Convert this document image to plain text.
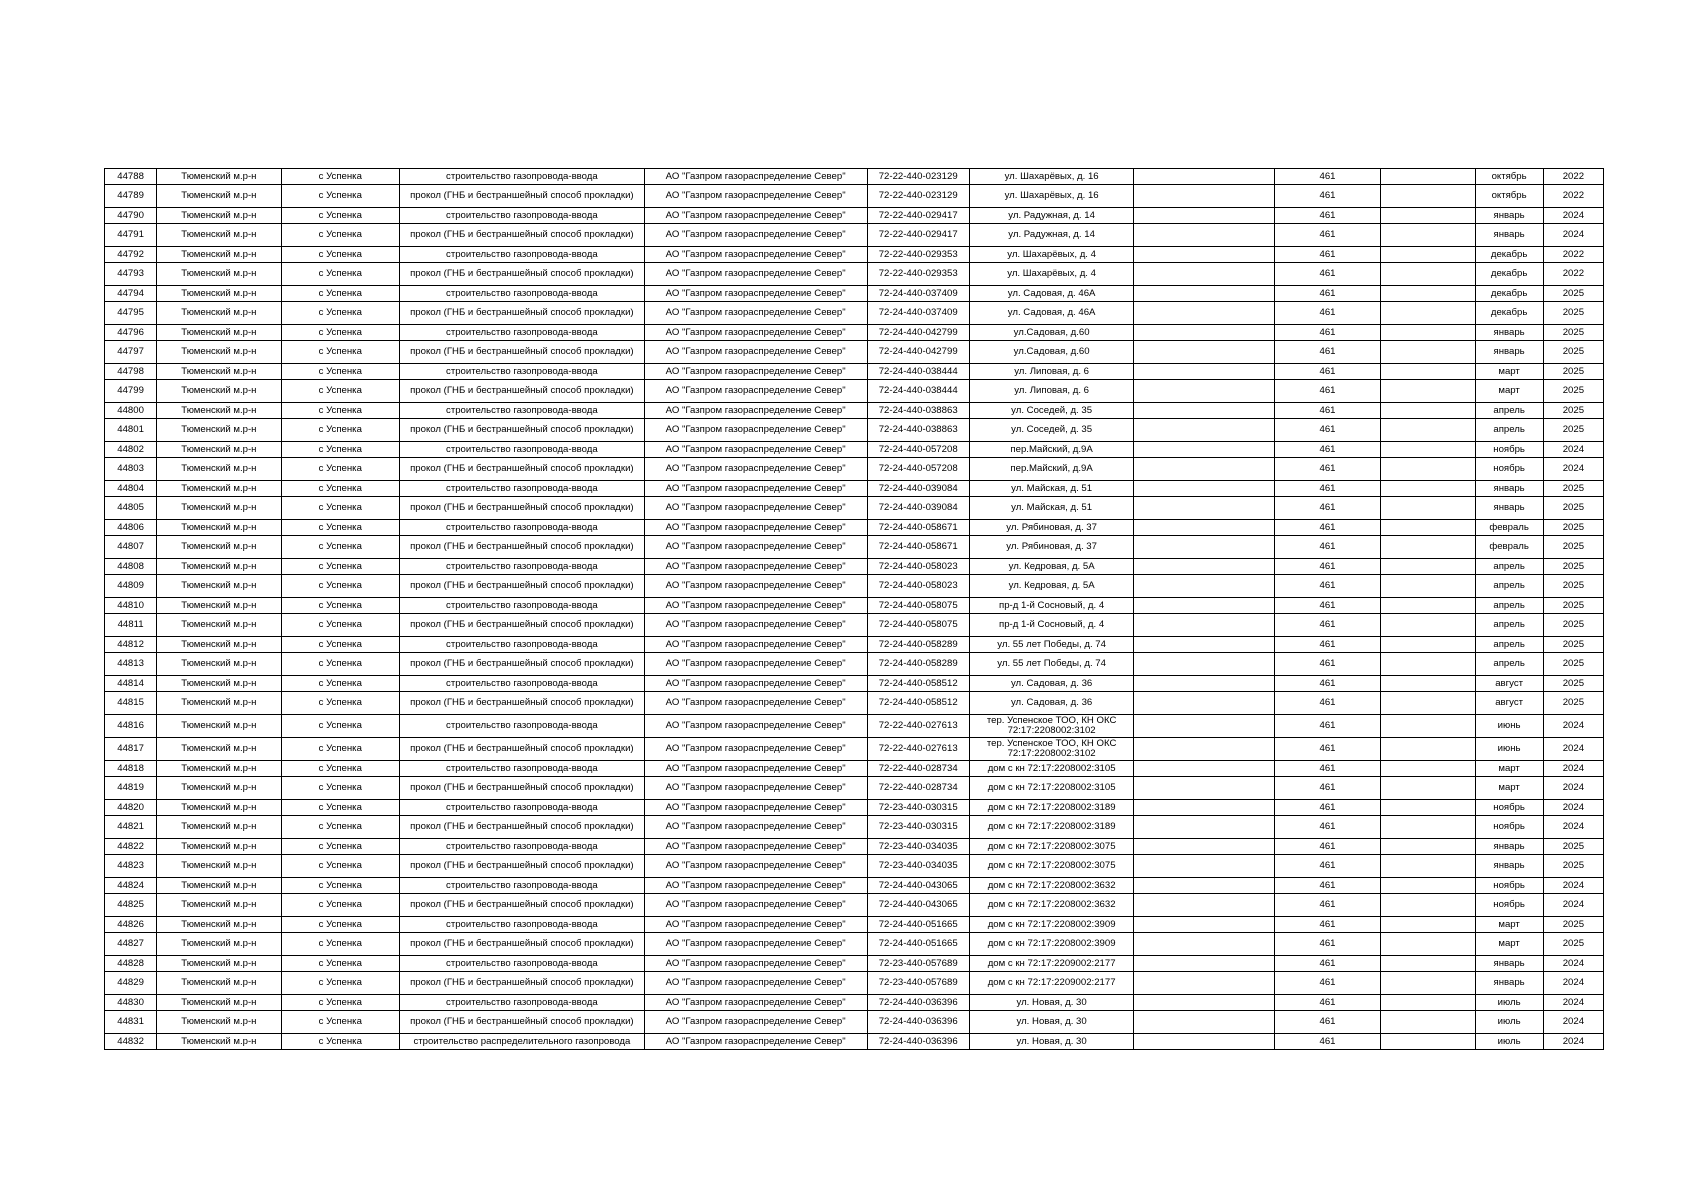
44788	Тюменский м.р-н	с Успенка	строительство газопровода-ввода	АО "Газпром газораспределение Север"	72-22-440-023129	ул. Шахарёвых, д. 16		461		октябрь	2022
44789	Тюменский м.р-н	с Успенка	прокол (ГНБ и бестраншейный способ прокладки)	АО "Газпром газораспределение Север"	72-22-440-023129	ул. Шахарёвых, д. 16		461		октябрь	2022
44790	Тюменский м.р-н	с Успенка	строительство газопровода-ввода	АО "Газпром газораспределение Север"	72-22-440-029417	ул. Радужная, д. 14		461		январь	2024
44791	Тюменский м.р-н	с Успенка	прокол (ГНБ и бестраншейный способ прокладки)	АО "Газпром газораспределение Север"	72-22-440-029417	ул. Радужная, д. 14		461		январь	2024
44792	Тюменский м.р-н	с Успенка	строительство газопровода-ввода	АО "Газпром газораспределение Север"	72-22-440-029353	ул. Шахарёвых, д. 4		461		декабрь	2022
44793	Тюменский м.р-н	с Успенка	прокол (ГНБ и бестраншейный способ прокладки)	АО "Газпром газораспределение Север"	72-22-440-029353	ул. Шахарёвых, д. 4		461		декабрь	2022
44794	Тюменский м.р-н	с Успенка	строительство газопровода-ввода	АО "Газпром газораспределение Север"	72-24-440-037409	ул. Садовая, д. 46А		461		декабрь	2025
44795	Тюменский м.р-н	с Успенка	прокол (ГНБ и бестраншейный способ прокладки)	АО "Газпром газораспределение Север"	72-24-440-037409	ул. Садовая, д. 46А		461		декабрь	2025
44796	Тюменский м.р-н	с Успенка	строительство газопровода-ввода	АО "Газпром газораспределение Север"	72-24-440-042799	ул.Садовая, д.60		461		январь	2025
44797	Тюменский м.р-н	с Успенка	прокол (ГНБ и бестраншейный способ прокладки)	АО "Газпром газораспределение Север"	72-24-440-042799	ул.Садовая, д.60		461		январь	2025
44798	Тюменский м.р-н	с Успенка	строительство газопровода-ввода	АО "Газпром газораспределение Север"	72-24-440-038444	ул. Липовая, д. 6		461		март	2025
44799	Тюменский м.р-н	с Успенка	прокол (ГНБ и бестраншейный способ прокладки)	АО "Газпром газораспределение Север"	72-24-440-038444	ул. Липовая, д. 6		461		март	2025
44800	Тюменский м.р-н	с Успенка	строительство газопровода-ввода	АО "Газпром газораспределение Север"	72-24-440-038863	ул. Соседей, д. 35		461		апрель	2025
44801	Тюменский м.р-н	с Успенка	прокол (ГНБ и бестраншейный способ прокладки)	АО "Газпром газораспределение Север"	72-24-440-038863	ул. Соседей, д. 35		461		апрель	2025
44802	Тюменский м.р-н	с Успенка	строительство газопровода-ввода	АО "Газпром газораспределение Север"	72-24-440-057208	пер.Майский, д.9А		461		ноябрь	2024
44803	Тюменский м.р-н	с Успенка	прокол (ГНБ и бестраншейный способ прокладки)	АО "Газпром газораспределение Север"	72-24-440-057208	пер.Майский, д.9А		461		ноябрь	2024
44804	Тюменский м.р-н	с Успенка	строительство газопровода-ввода	АО "Газпром газораспределение Север"	72-24-440-039084	ул. Майская, д. 51		461		январь	2025
44805	Тюменский м.р-н	с Успенка	прокол (ГНБ и бестраншейный способ прокладки)	АО "Газпром газораспределение Север"	72-24-440-039084	ул. Майская, д. 51		461		январь	2025
44806	Тюменский м.р-н	с Успенка	строительство газопровода-ввода	АО "Газпром газораспределение Север"	72-24-440-058671	ул. Рябиновая, д. 37		461		февраль	2025
44807	Тюменский м.р-н	с Успенка	прокол (ГНБ и бестраншейный способ прокладки)	АО "Газпром газораспределение Север"	72-24-440-058671	ул. Рябиновая, д. 37		461		февраль	2025
44808	Тюменский м.р-н	с Успенка	строительство газопровода-ввода	АО "Газпром газораспределение Север"	72-24-440-058023	ул. Кедровая, д. 5А		461		апрель	2025
44809	Тюменский м.р-н	с Успенка	прокол (ГНБ и бестраншейный способ прокладки)	АО "Газпром газораспределение Север"	72-24-440-058023	ул. Кедровая, д. 5А		461		апрель	2025
44810	Тюменский м.р-н	с Успенка	строительство газопровода-ввода	АО "Газпром газораспределение Север"	72-24-440-058075	пр-д 1-й Сосновый, д. 4		461		апрель	2025
44811	Тюменский м.р-н	с Успенка	прокол (ГНБ и бестраншейный способ прокладки)	АО "Газпром газораспределение Север"	72-24-440-058075	пр-д 1-й Сосновый, д. 4		461		апрель	2025
44812	Тюменский м.р-н	с Успенка	строительство газопровода-ввода	АО "Газпром газораспределение Север"	72-24-440-058289	ул. 55 лет Победы, д. 74		461		апрель	2025
44813	Тюменский м.р-н	с Успенка	прокол (ГНБ и бестраншейный способ прокладки)	АО "Газпром газораспределение Север"	72-24-440-058289	ул. 55 лет Победы, д. 74		461		апрель	2025
44814	Тюменский м.р-н	с Успенка	строительство газопровода-ввода	АО "Газпром газораспределение Север"	72-24-440-058512	ул. Садовая, д. 36		461		август	2025
44815	Тюменский м.р-н	с Успенка	прокол (ГНБ и бестраншейный способ прокладки)	АО "Газпром газораспределение Север"	72-24-440-058512	ул. Садовая, д. 36		461		август	2025
44816	Тюменский м.р-н	с Успенка	строительство газопровода-ввода	АО "Газпром газораспределение Север"	72-22-440-027613	тер. Успенское ТОО, КН ОКС 72:17:2208002:3102		461		июнь	2024
44817	Тюменский м.р-н	с Успенка	прокол (ГНБ и бестраншейный способ прокладки)	АО "Газпром газораспределение Север"	72-22-440-027613	тер. Успенское ТОО, КН ОКС 72:17:2208002:3102		461		июнь	2024
44818	Тюменский м.р-н	с Успенка	строительство газопровода-ввода	АО "Газпром газораспределение Север"	72-22-440-028734	дом с кн 72:17:2208002:3105		461		март	2024
44819	Тюменский м.р-н	с Успенка	прокол (ГНБ и бестраншейный способ прокладки)	АО "Газпром газораспределение Север"	72-22-440-028734	дом с кн 72:17:2208002:3105		461		март	2024
44820	Тюменский м.р-н	с Успенка	строительство газопровода-ввода	АО "Газпром газораспределение Север"	72-23-440-030315	дом с кн 72:17:2208002:3189		461		ноябрь	2024
44821	Тюменский м.р-н	с Успенка	прокол (ГНБ и бестраншейный способ прокладки)	АО "Газпром газораспределение Север"	72-23-440-030315	дом с кн 72:17:2208002:3189		461		ноябрь	2024
44822	Тюменский м.р-н	с Успенка	строительство газопровода-ввода	АО "Газпром газораспределение Север"	72-23-440-034035	дом с кн 72:17:2208002:3075		461		январь	2025
44823	Тюменский м.р-н	с Успенка	прокол (ГНБ и бестраншейный способ прокладки)	АО "Газпром газораспределение Север"	72-23-440-034035	дом с кн 72:17:2208002:3075		461		январь	2025
44824	Тюменский м.р-н	с Успенка	строительство газопровода-ввода	АО "Газпром газораспределение Север"	72-24-440-043065	дом с кн 72:17:2208002:3632		461		ноябрь	2024
44825	Тюменский м.р-н	с Успенка	прокол (ГНБ и бестраншейный способ прокладки)	АО "Газпром газораспределение Север"	72-24-440-043065	дом с кн 72:17:2208002:3632		461		ноябрь	2024
44826	Тюменский м.р-н	с Успенка	строительство газопровода-ввода	АО "Газпром газораспределение Север"	72-24-440-051665	дом с кн 72:17:2208002:3909		461		март	2025
44827	Тюменский м.р-н	с Успенка	прокол (ГНБ и бестраншейный способ прокладки)	АО "Газпром газораспределение Север"	72-24-440-051665	дом с кн 72:17:2208002:3909		461		март	2025
44828	Тюменский м.р-н	с Успенка	строительство газопровода-ввода	АО "Газпром газораспределение Север"	72-23-440-057689	дом с кн 72:17:2209002:2177		461		январь	2024
44829	Тюменский м.р-н	с Успенка	прокол (ГНБ и бестраншейный способ прокладки)	АО "Газпром газораспределение Север"	72-23-440-057689	дом с кн 72:17:2209002:2177		461		январь	2024
44830	Тюменский м.р-н	с Успенка	строительство газопровода-ввода	АО "Газпром газораспределение Север"	72-24-440-036396	ул. Новая, д. 30		461		июль	2024
44831	Тюменский м.р-н	с Успенка	прокол (ГНБ и бестраншейный способ прокладки)	АО "Газпром газораспределение Север"	72-24-440-036396	ул. Новая, д. 30		461		июль	2024
44832	Тюменский м.р-н	с Успенка	строительство распределительного газопровода	АО "Газпром газораспределение Север"	72-24-440-036396	ул. Новая, д. 30		461		июль	2024
